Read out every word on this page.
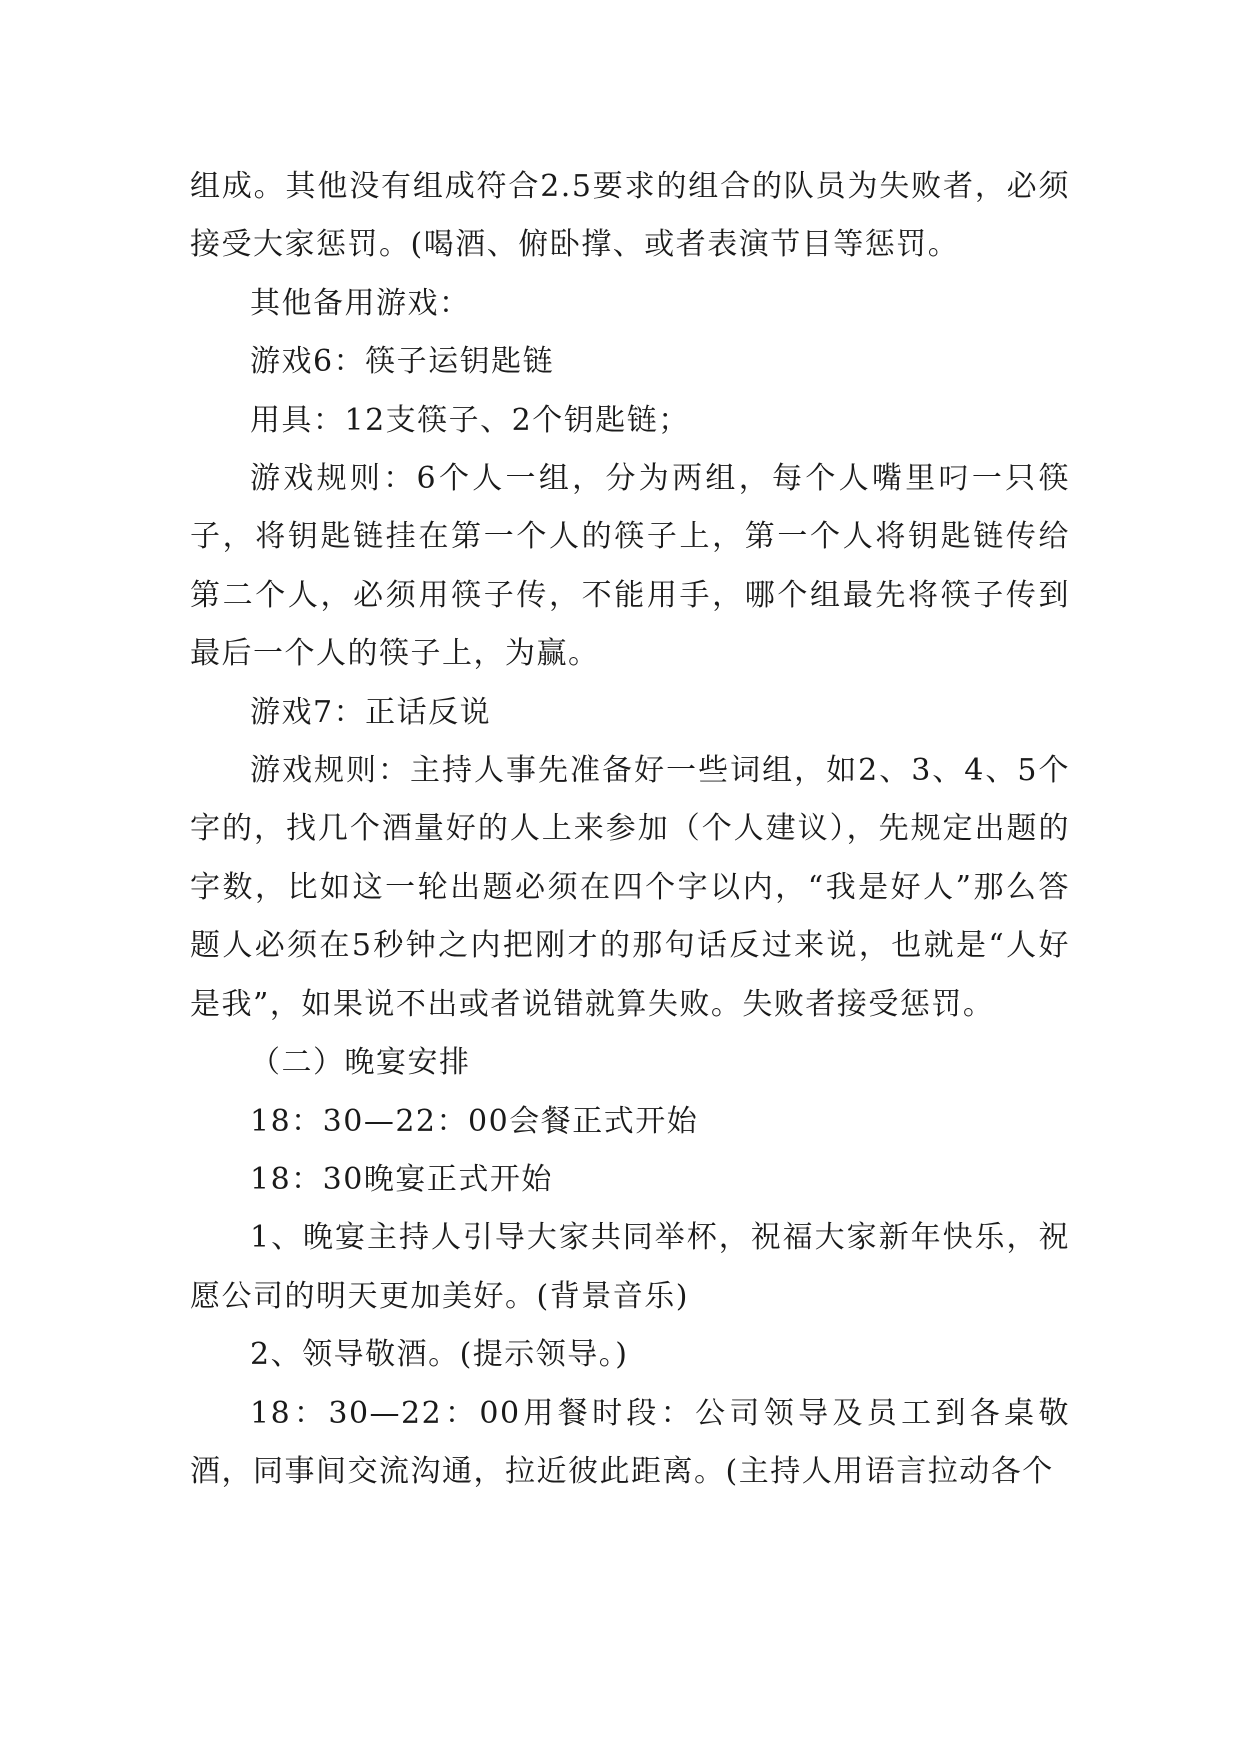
组成。其他没有组成符合2.5要求的组合的队员为失败者，必须接受大家惩罚。(喝酒、俯卧撑、或者表演节目等惩罚。

其他备用游戏：

游戏6：筷子运钥匙链

用具：12支筷子、2个钥匙链；

游戏规则：6个人一组，分为两组，每个人嘴里叼一只筷子，将钥匙链挂在第一个人的筷子上，第一个人将钥匙链传给第二个人，必须用筷子传，不能用手，哪个组最先将筷子传到最后一个人的筷子上，为赢。

游戏7：正话反说

游戏规则：主持人事先准备好一些词组，如2、3、4、5个字的，找几个酒量好的人上来参加（个人建议），先规定出题的字数，比如这一轮出题必须在四个字以内，“我是好人”那么答题人必须在5秒钟之内把刚才的那句话反过来说，也就是“人好是我”，如果说不出或者说错就算失败。失败者接受惩罚。

（二）晚宴安排

18：30—22：00会餐正式开始

18：30晚宴正式开始

1、晚宴主持人引导大家共同举杯，祝福大家新年快乐，祝愿公司的明天更加美好。(背景音乐)

2、领导敬酒。(提示领导。)

18：30—22：00用餐时段：公司领导及员工到各桌敬酒，同事间交流沟通，拉近彼此距离。(主持人用语言拉动各个
